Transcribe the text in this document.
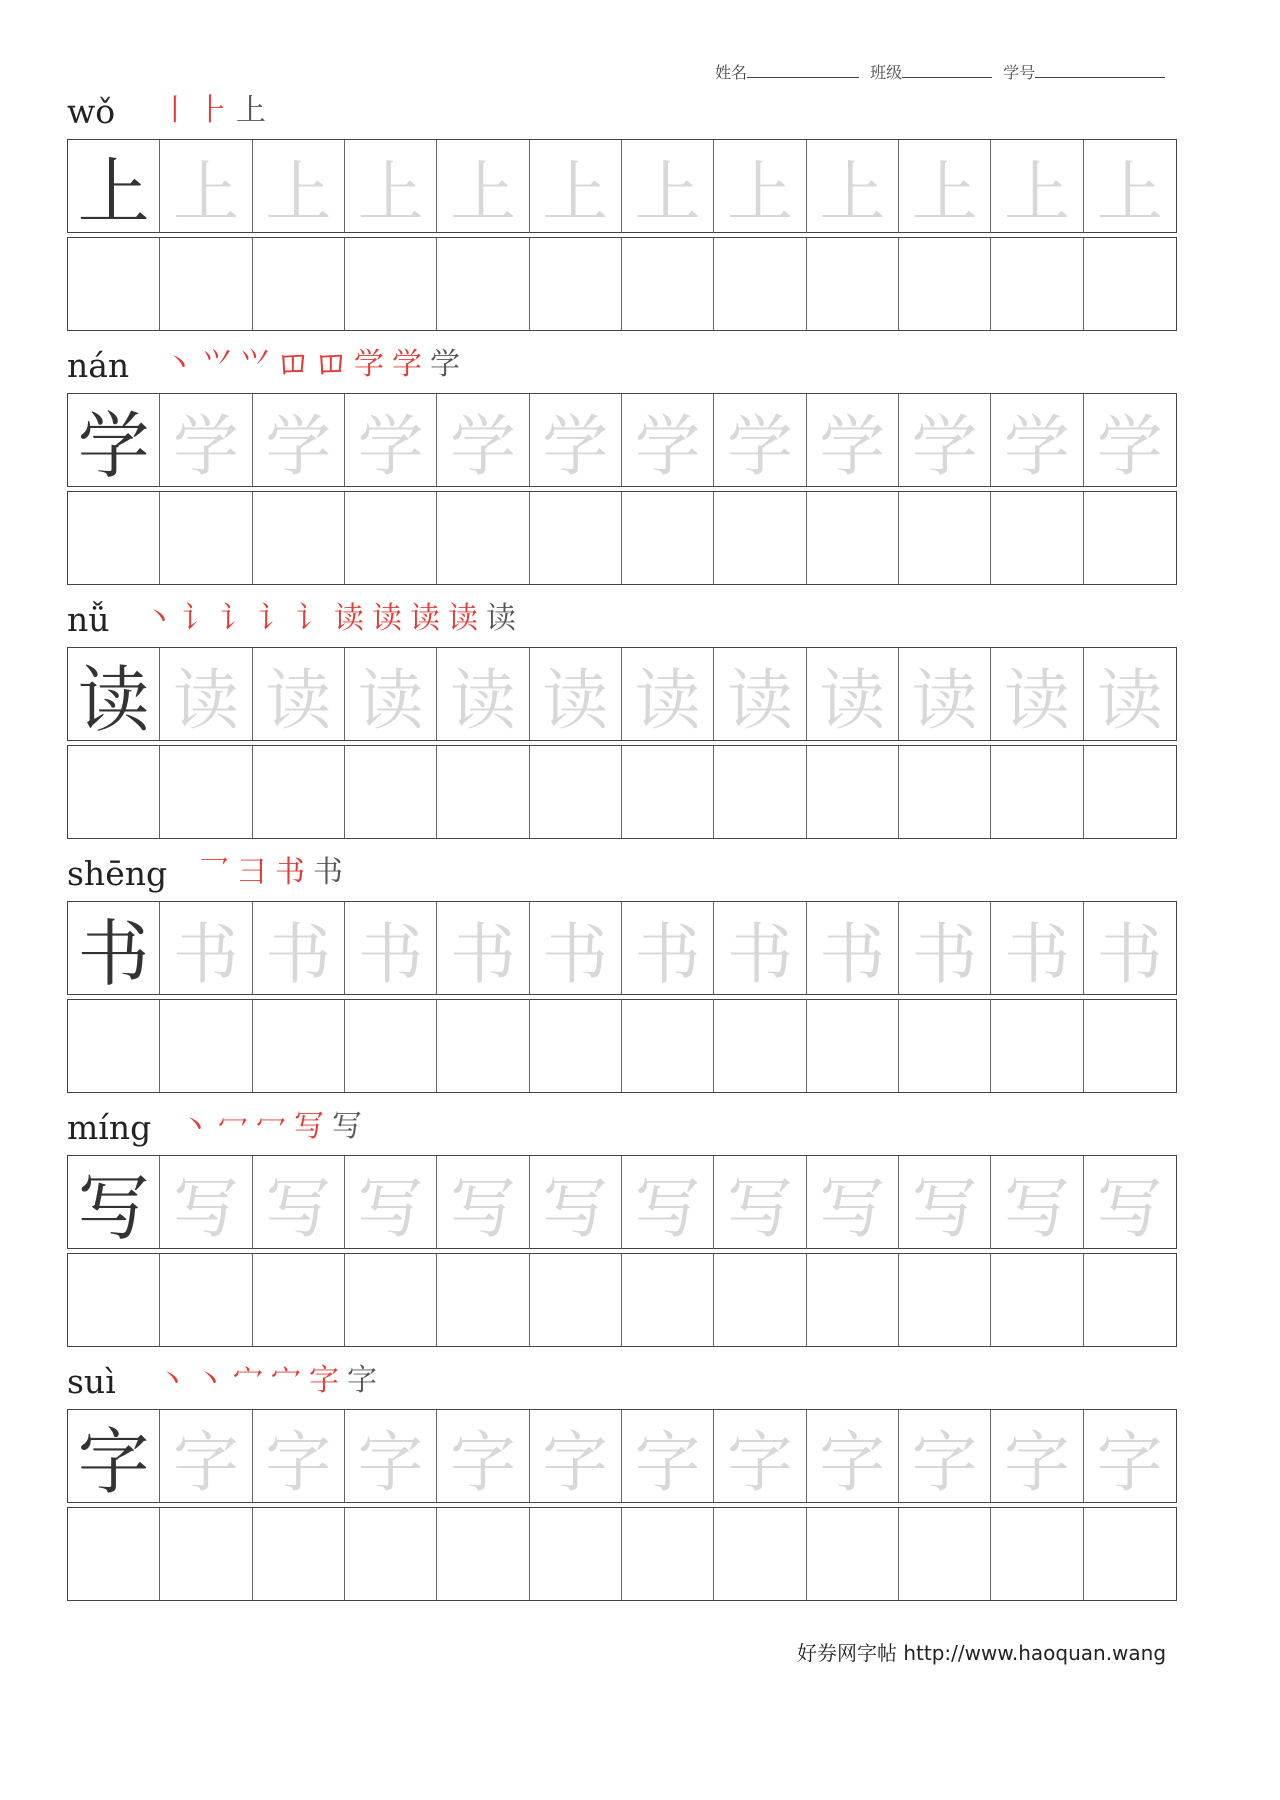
姓名	班级	学号
wǒ 丨 ⺊ 上
上 上 上 上 上 上 上 上 上 上 上 上
nán 丶 ⺍ ⺍ 𫩏 𫩏 学 学 学
学 学 学 学 学 学 学 学 学 学 学 学
nǚ 丶 讠 讠 讠 讠 读 读 读 读 读
读 读 读 读 读 读 读 读 读 读 读 读
shēng 乛 ⺕ 书 书
书 书 书 书 书 书 书 书 书 书 书 书
míng 丶 冖 冖 写 写
写 写 写 写 写 写 写 写 写 写 写 写
suì 丶 丶 宀 宀 字 字
字 字 字 字 字 字 字 字 字 字 字 字
好券网字帖 http://www.haoquan.wang
